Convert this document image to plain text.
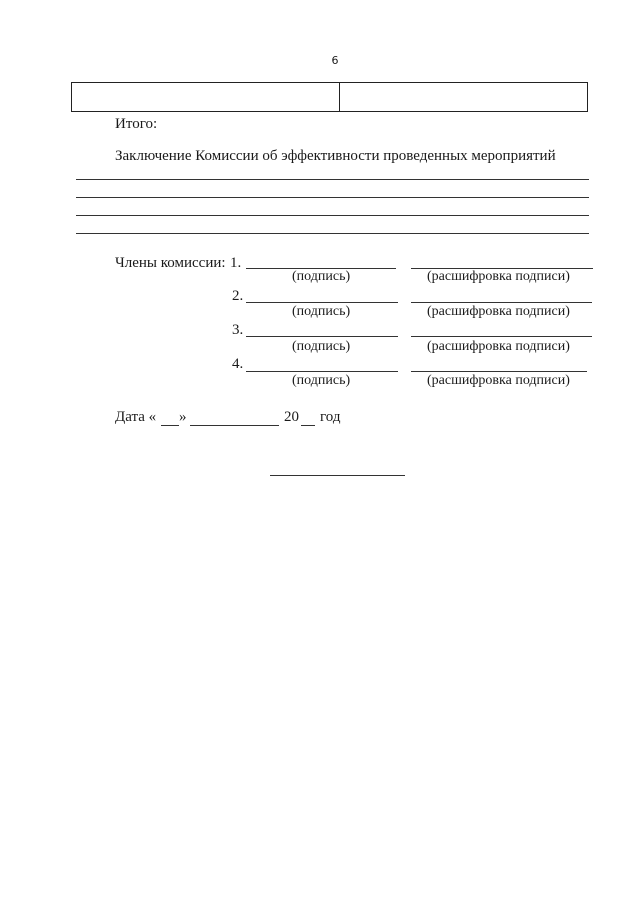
6
Итого:
Заключение Комиссии об эффективности проведенных мероприятий
Члены комиссии: 1.
(подпись)	(расшифровка подписи)
2.
(подпись)	(расшифровка подписи)
3.
(подпись)	(расшифровка подписи)
4.
(подпись)	(расшифровка подписи)
Дата « »	20 год
